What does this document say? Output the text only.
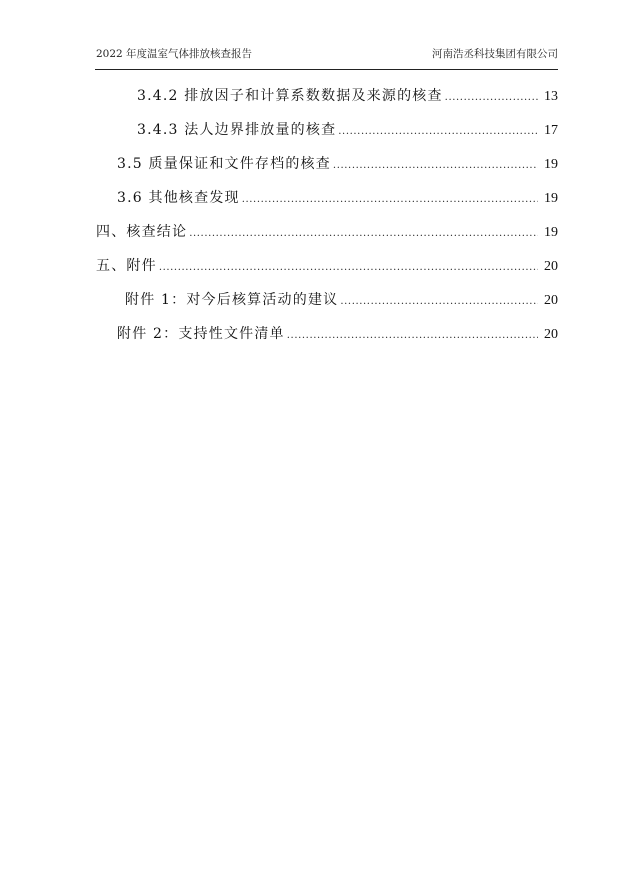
2022 年度温室气体排放核查报告	河南浩丞科技集团有限公司
3.4.2 排放因子和计算系数数据及来源的核查 .....	13
3.4.3 法人边界排放量的核查 .....	17
3.5 质量保证和文件存档的核查 .....	19
3.6 其他核查发现 .....	19
四、核查结论 .....	19
五、附件 .....	20
附件 1：对今后核算活动的建议 .....	20
附件 2：支持性文件清单 .....	20
